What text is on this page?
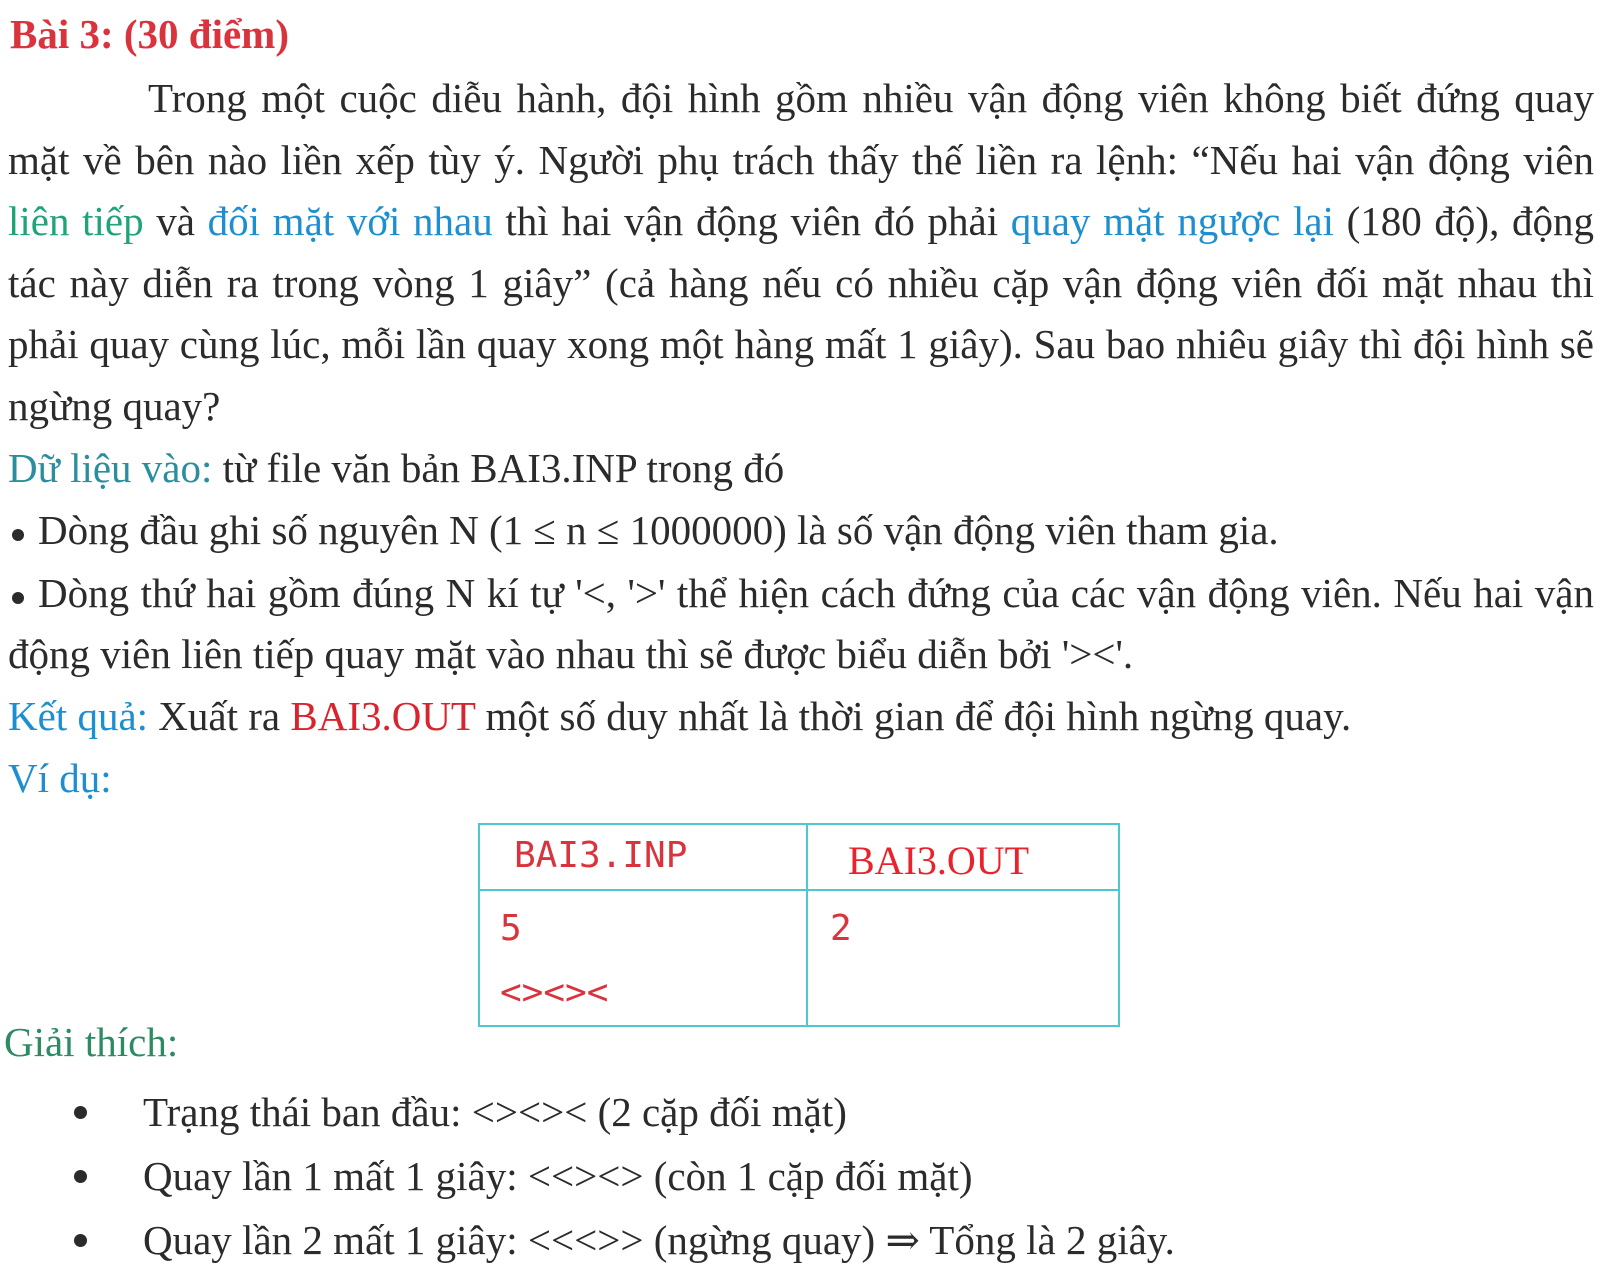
Bài 3: (30 điểm)
Trong một cuộc diễu hành, đội hình gồm nhiều vận động viên không biết đứng quay mặt về bên nào liền xếp tùy ý. Người phụ trách thấy thế liền ra lệnh: “Nếu hai vận động viên liên tiếp và đối mặt với nhau thì hai vận động viên đó phải quay mặt ngược lại (180 độ), động tác này diễn ra trong vòng 1 giây” (cả hàng nếu có nhiều cặp vận động viên đối mặt nhau thì phải quay cùng lúc, mỗi lần quay xong một hàng mất 1 giây). Sau bao nhiêu giây thì đội hình sẽ ngừng quay?
Dữ liệu vào: từ file văn bản BAI3.INP trong đó
Dòng đầu ghi số nguyên N (1 ≤ n ≤ 1000000) là số vận động viên tham gia.
Dòng thứ hai gồm đúng N kí tự '<, '>' thể hiện cách đứng của các vận động viên. Nếu hai vận động viên liên tiếp quay mặt vào nhau thì sẽ được biểu diễn bởi '><'.
Kết quả: Xuất ra BAI3.OUT một số duy nhất là thời gian để đội hình ngừng quay.
Ví dụ:
BAI3.INP	BAI3.OUT

5
<><><	2
Giải thích:
Trạng thái ban đầu: <><>< (2 cặp đối mặt)
Quay lần 1 mất 1 giây: <<><> (còn 1 cặp đối mặt)
Quay lần 2 mất 1 giây: <<<>> (ngừng quay) ⇒ Tổng là 2 giây.
